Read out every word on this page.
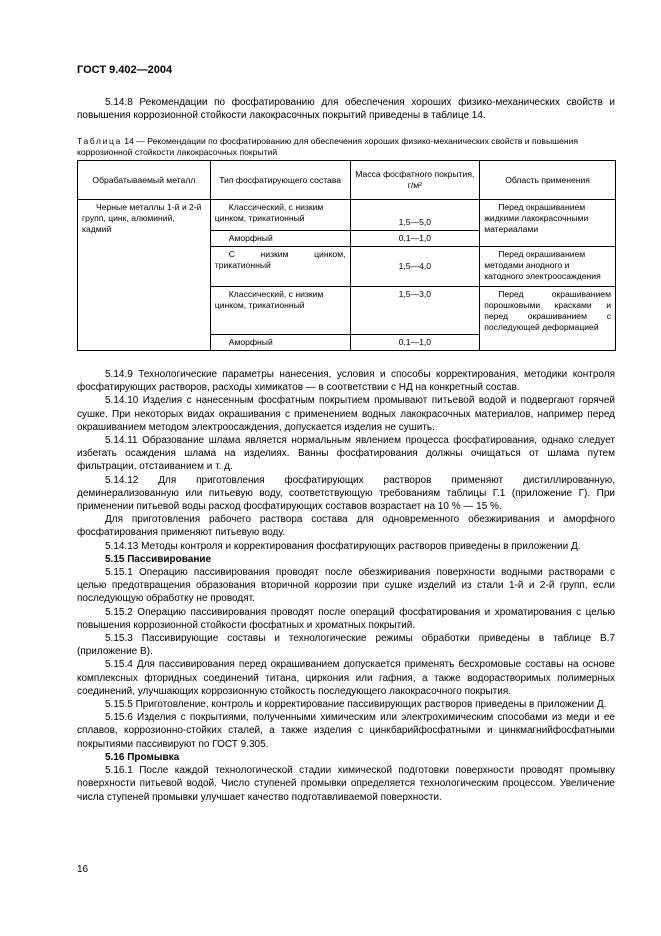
ГОСТ 9.402—2004

5.14.8 Рекомендации по фосфатированию для обеспечения хороших физико-механических свойств и повышения коррозионной стойкости лакокрасочных покрытий приведены в таблице 14.

Таблица 14 — Рекомендации по фосфатированию для обеспечения хороших физико-механических свойств и повышения коррозионной стойкости лакокрасочных покрытий
Обрабатываемый металл	Тип фосфатирующего состава	Масса фосфатного покрытия, г/м²	Область применения
Черные металлы 1-й и 2-й групп, цинк, алюминий, кадмий	Классический, с низким цинком, трикатионный	1,5—5,0	Перед окрашиванием жидкими лакокрасочными материалами
	Аморфный	0,1—1,0	
	С низким цинком, трикатионный	1,5—4,0	Перед окрашиванием методами анодного и катодного электроосаждения
	Классический, с низким цинком, трикатионный	1,5—3,0	Перед окрашиванием порошковыми красками и перед окрашиванием с последующей деформацией
	Аморфный	0,1—1,0	

5.14.9 Технологические параметры нанесения, условия и способы корректирования, методики контроля фосфатирующих растворов, расходы химикатов — в соответствии с НД на конкретный состав.

5.14.10 Изделия с нанесенным фосфатным покрытием промывают питьевой водой и подвергают горячей сушке. При некоторых видах окрашивания с применением водных лакокрасочных материалов, например перед окрашиванием методом электроосаждения, допускается изделия не сушить.

5.14.11 Образование шлама является нормальным явлением процесса фосфатирования, однако следует избегать осаждения шлама на изделиях. Ванны фосфатирования должны очищаться от шлама путем фильтрации, отстаиванием и т. д.

5.14.12 Для приготовления фосфатирующих растворов применяют дистиллированную, деминерализованную или питьевую воду, соответствующую требованиям таблицы Г.1 (приложение Г). При применении питьевой воды расход фосфатирующих составов возрастает на 10 % — 15 %.

Для приготовления рабочего раствора состава для одновременного обезжиривания и аморфного фосфатирования применяют питьевую воду.

5.14.13 Методы контроля и корректирования фосфатирующих растворов приведены в приложении Д.

5.15 Пассивирование

5.15.1 Операцию пассивирования проводят после обезжиривания поверхности водными растворами с целью предотвращения образования вторичной коррозии при сушке изделий из стали 1-й и 2-й групп, если последующую обработку не проводят.

5.15.2 Операцию пассивирования проводят после операций фосфатирования и хроматирования с целью повышения коррозионной стойкости фосфатных и хроматных покрытий.

5.15.3 Пассивирующие составы и технологические режимы обработки приведены в таблице В.7 (приложение В).

5.15.4 Для пассивирования перед окрашиванием допускается применять бесхромовые составы на основе комплексных фторидных соединений титана, циркония или гафния, а также водорастворимых полимерных соединений, улучшающих коррозионную стойкость последующего лакокрасочного покрытия.

5.15.5 Приготовление, контроль и корректирование пассивирующих растворов приведены в приложении Д.

5.15.6 Изделия с покрытиями, полученными химическим или электрохимическим способами из меди и ее сплавов, коррозионно-стойких сталей, а также изделия с цинкбарийфосфатными и цинкмагнийфосфатными покрытиями пассивируют по ГОСТ 9.305.

5.16 Промывка

5.16.1 После каждой технологической стадии химической подготовки поверхности проводят промывку поверхности питьевой водой. Число ступеней промывки определяется технологическим процессом. Увеличение числа ступеней промывки улучшает качество подготавливаемой поверхности.

16
